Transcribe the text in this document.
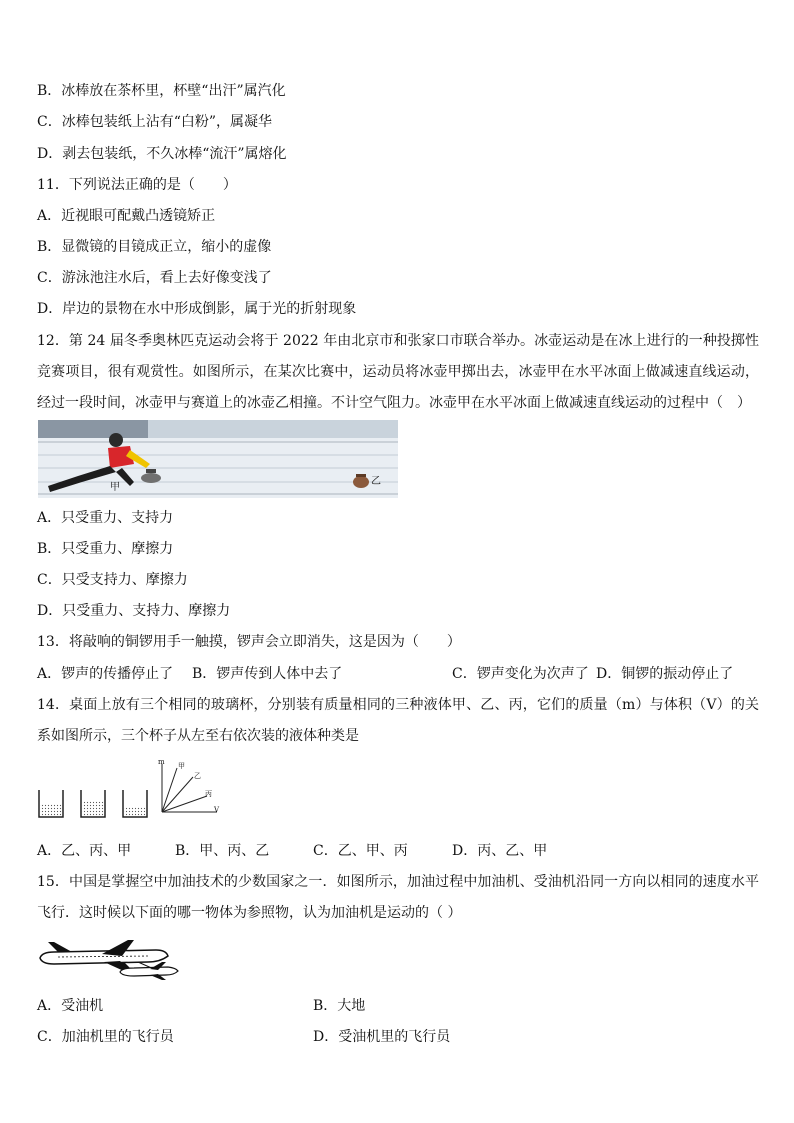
B．冰棒放在茶杯里，杯壁“出汗”属汽化
C．冰棒包装纸上沾有“白粉”，属凝华
D．剥去包装纸，不久冰棒“流汗”属熔化
11．下列说法正确的是（　　）
A．近视眼可配戴凸透镜矫正
B．显微镜的目镜成正立，缩小的虚像
C．游泳池注水后，看上去好像变浅了
D．岸边的景物在水中形成倒影，属于光的折射现象
12．第 24 届冬季奥林匹克运动会将于 2022 年由北京市和张家口市联合举办。冰壶运动是在冰上进行的一种投掷性竞赛项目，很有观赏性。如图所示，在某次比赛中，运动员将冰壶甲掷出去，冰壶甲在水平冰面上做减速直线运动，经过一段时间，冰壶甲与赛道上的冰壶乙相撞。不计空气阻力。冰壶甲在水平冰面上做减速直线运动的过程中（　）
甲
乙
A．只受重力、支持力
B．只受重力、摩擦力
C．只受支持力、摩擦力
D．只受重力、支持力、摩擦力
13．将敲响的铜锣用手一触摸，锣声会立即消失，这是因为（　　）
A．锣声的传播停止了 B．锣声传到人体中去了	C．锣声变化为次声了 D．铜锣的振动停止了
14．桌面上放有三个相同的玻璃杯，分别装有质量相同的三种液体甲、乙、丙，它们的质量（m）与体积（V）的关系如图所示，三个杯子从左至右依次装的液体种类是
m 甲
乙
丙
V
A．乙、丙、甲	B．甲、丙、乙	C．乙、甲、丙	D．丙、乙、甲
15．中国是掌握空中加油技术的少数国家之一．如图所示，加油过程中加油机、受油机沿同一方向以相同的速度水平飞行．这时候以下面的哪一物体为参照物，认为加油机是运动的（ ）
A．受油机	B．大地
C．加油机里的飞行员	D．受油机里的飞行员
